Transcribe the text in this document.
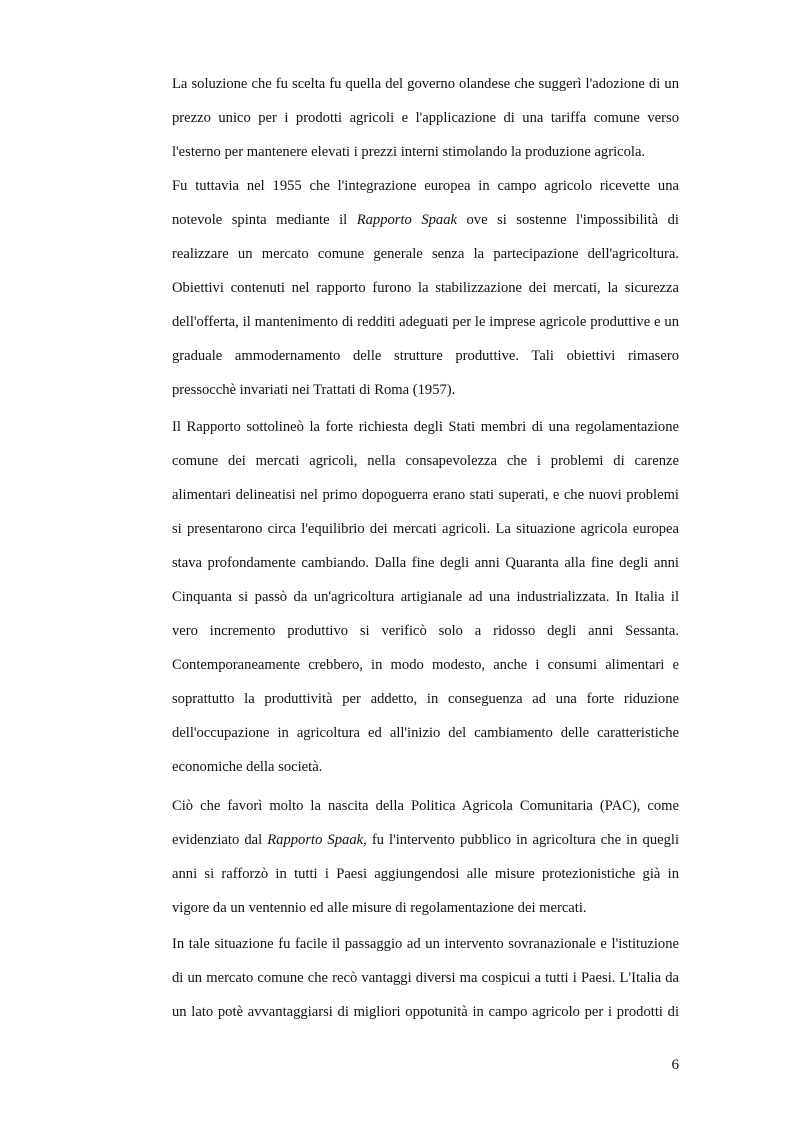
La soluzione che fu scelta fu quella del governo olandese che suggerì l'adozione di un
prezzo unico per i prodotti agricoli e l'applicazione di una tariffa comune verso
l'esterno per mantenere elevati i prezzi interni stimolando la produzione agricola.
Fu tuttavia nel 1955 che l'integrazione europea in campo agricolo ricevette una
notevole spinta mediante il Rapporto Spaak ove si sostenne l'impossibilità di
realizzare un mercato comune generale senza la partecipazione dell'agricoltura.
Obiettivi contenuti nel rapporto furono la stabilizzazione dei mercati, la sicurezza
dell'offerta, il mantenimento di redditi adeguati per le imprese agricole produttive e un
graduale ammodernamento delle strutture produttive. Tali obiettivi rimasero
pressocchè invariati nei Trattati di Roma (1957).
Il Rapporto sottolineò la forte richiesta degli Stati membri di una regolamentazione
comune dei mercati agricoli, nella consapevolezza che i problemi di carenze
alimentari delineatisi nel primo dopoguerra erano stati superati, e che nuovi problemi
si presentarono circa l'equilibrio dei mercati agricoli. La situazione agricola europea
stava profondamente cambiando. Dalla fine degli anni Quaranta alla fine degli anni
Cinquanta si passò da un'agricoltura artigianale ad una industrializzata. In Italia il
vero incremento produttivo si verificò solo a ridosso degli anni Sessanta.
Contemporaneamente crebbero, in modo modesto, anche i consumi alimentari e
soprattutto la produttività per addetto, in conseguenza ad una forte riduzione
dell'occupazione in agricoltura ed all'inizio del cambiamento delle caratteristiche
economiche della società.
Ciò che favorì molto la nascita della Politica Agricola Comunitaria (PAC), come
evidenziato dal Rapporto Spaak, fu l'intervento pubblico in agricoltura che in quegli
anni si rafforzò in tutti i Paesi aggiungendosi alle misure protezionistiche già in
vigore da un ventennio ed alle misure di regolamentazione dei mercati.
In tale situazione fu facile il passaggio ad un intervento sovranazionale e l'istituzione
di un mercato comune che recò vantaggi diversi ma cospicui a tutti i Paesi. L'Italia da
un lato potè avvantaggiarsi di migliori oppotunità in campo agricolo per i prodotti di
6
